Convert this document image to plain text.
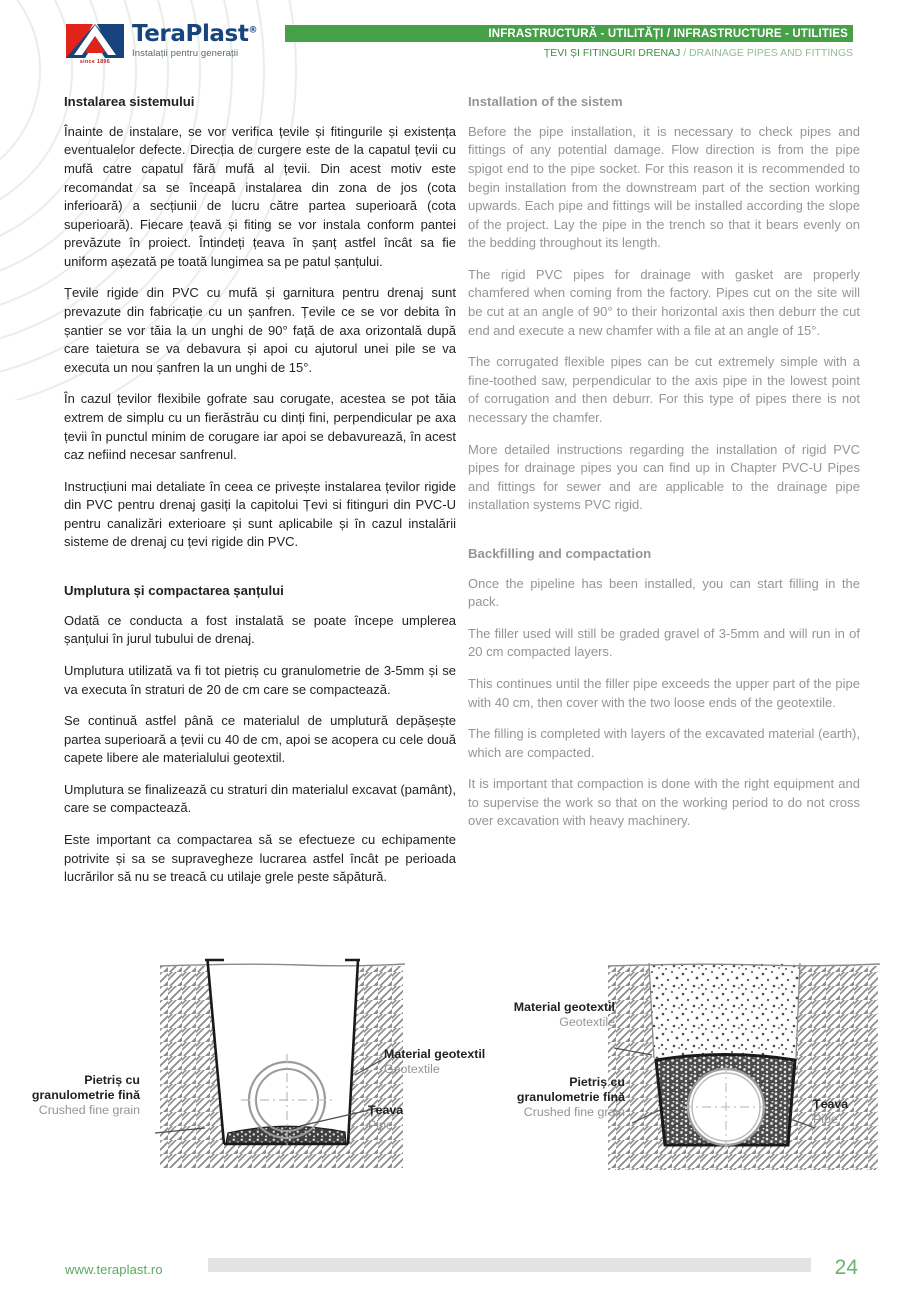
since 1896
TeraPlast®
Instalații pentru generații
INFRASTRUCTURĂ - UTILITĂȚI / INFRASTRUCTURE - UTILITIES
ȚEVI ȘI FITINGURI DRENAJ / DRAINAGE PIPES AND FITTINGS
Instalarea sistemului

Înainte de instalare, se vor verifica țevile și fitingurile și existența eventualelor defecte. Direcția de curgere este de la capatul țevii cu mufă catre capatul fără mufă al țevii. Din acest motiv este recomandat sa se înceapă instalarea din zona de jos (cota inferioară) a secțiunii de lucru către partea superioară (cota superioară). Fiecare țeavă și fiting se vor instala conform pantei prevăzute în proiect. Întindeți țeava în șanț astfel încât sa fie uniform așezată pe toată lungimea sa pe patul șanțului.

Țevile rigide din PVC cu mufă și garnitura pentru drenaj sunt prevazute din fabricație cu un șanfren. Țevile ce se vor debita în șantier se vor tăia la un unghi de 90° față de axa orizontală după care taietura se va debavura și apoi cu ajutorul unei pile se va executa un nou șanfren la un unghi de 15°.

În cazul țevilor flexibile gofrate sau corugate, acestea se pot tăia extrem de simplu cu un fierăstrău cu dinți fini, perpendicular pe axa țevii în punctul minim de corugare iar apoi se debavurează, în acest caz nefiind necesar sanfrenul.

Instrucțiuni mai detaliate în ceea ce privește instalarea țevilor rigide din PVC pentru drenaj gasiți la capitolui Țevi si fitinguri din PVC-U pentru canalizări exterioare și sunt aplicabile și în cazul instalării sisteme de drenaj cu țevi rigide din PVC.

Umplutura și compactarea șanțului

Odată ce conducta a fost instalată se poate începe umplerea șanțului în jurul tubului de drenaj.

Umplutura utilizată va fi tot pietriș cu granulometrie de 3-5mm și se va executa în straturi de 20 de cm care se compactează.

Se continuă astfel până ce materialul de umplutură depășește partea superioară a țevii cu 40 de cm, apoi se acopera cu cele două capete libere ale materialului geotextil.

Umplutura se finalizează cu straturi din materialul excavat (pamânt), care se compactează.

Este important ca compactarea să se efectueze cu echipamente potrivite și sa se supravegheze lucrarea astfel încât pe perioada lucrărilor să nu se treacă cu utilaje grele peste săpătură.

Installation of the sistem

Before the pipe installation, it is necessary to check pipes and fittings of any potential damage. Flow direction is from the pipe spigot end to the pipe socket. For this reason it is recommended to begin installation from the downstream part of the section working upwards. Each pipe and fittings will be installed according the slope of the project. Lay the pipe in the trench so that it bears evenly on the bedding throughout its length.

The rigid PVC pipes for drainage with gasket are properly chamfered when coming from the factory. Pipes cut on the site will be cut at an angle of 90° to their horizontal axis then deburr the cut end and execute a new chamfer with a file at an angle of 15°.

The corrugated flexible pipes can be cut extremely simple with a fine-toothed saw, perpendicular to the axis pipe in the lowest point of corrugation and then deburr. For this type of pipes there is not necessary the chamfer.

More detailed instructions regarding the installation of rigid PVC pipes for drainage pipes you can find up in Chapter PVC-U Pipes and fittings for sewer and are applicable to the drainage pipe installation systems PVC rigid.

Backfilling and compactation

Once the pipeline has been installed, you can start filling in the pack.

The filler used will still be graded gravel of 3-5mm and will run in of 20 cm compacted layers.

This continues until the filler pipe exceeds the upper part of the pipe with 40 cm, then cover with the two loose ends of the geotextile.

The filling is completed with layers of the excavated material (earth), which are compacted.

It is important that compaction is done with the right equipment and to supervise the work so that on the working period to do not cross over excavation with heavy machinery.

Pietriș cu
granulometrie fină
Crushed fine grain
Material geotextil
Geotextile
Țeava
Pipe
Material geotextil
Geotextile
Pietriș cu
granulometrie fină
Crushed fine grain
Țeava
Pipe
www.teraplast.ro	24
